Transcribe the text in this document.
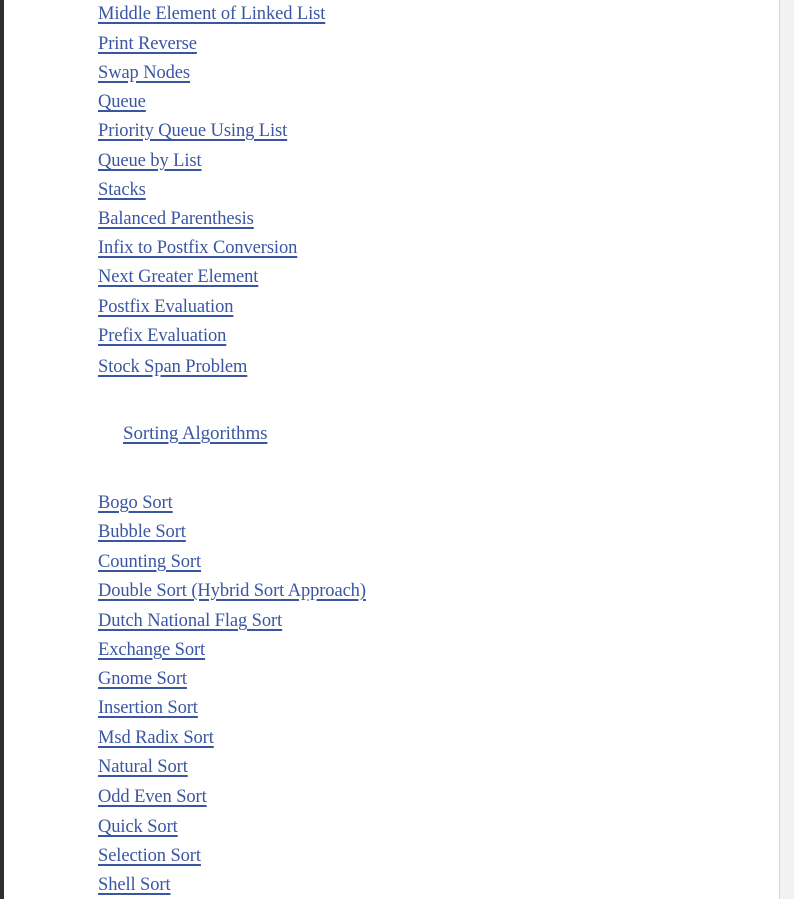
Middle Element of Linked List
Print Reverse
Swap Nodes
Queue
Priority Queue Using List
Queue by List
Stacks
Balanced Parenthesis
Infix to Postfix Conversion
Next Greater Element
Postfix Evaluation
Prefix Evaluation
Stock Span Problem
Sorting Algorithms
Bogo Sort
Bubble Sort
Counting Sort
Double Sort (Hybrid Sort Approach)
Dutch National Flag Sort
Exchange Sort
Gnome Sort
Insertion Sort
Msd Radix Sort
Natural Sort
Odd Even Sort
Quick Sort
Selection Sort
Shell Sort
